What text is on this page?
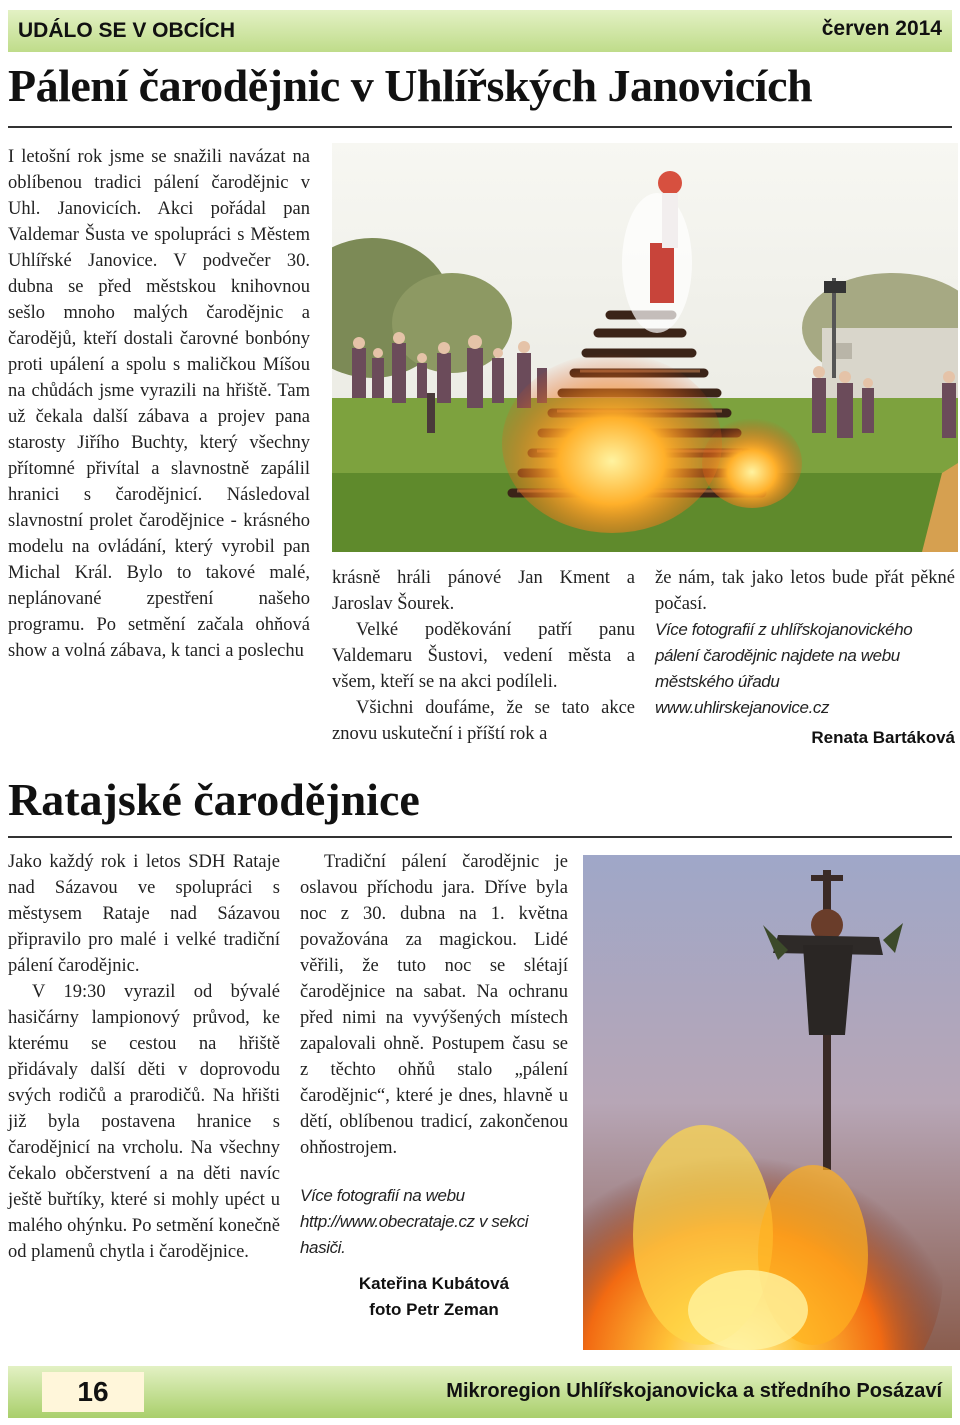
UDÁLO SE V OBCÍCH	červen 2014
Pálení čarodějnic v Uhlířských Janovicích

I letošní rok jsme se snažili navázat na oblíbenou tradici pálení čarodějnic v Uhl. Janovicích. Akci pořádal pan Valdemar Šusta ve spolupráci s Městem Uhlířské Janovice. V podvečer 30. dubna se před městskou knihovnou sešlo mnoho malých čarodějnic a čarodějů, kteří dostali čarovné bonbóny proti upálení a spolu s maličkou Míšou na chůdách jsme vyrazili na hřiště. Tam už čekala další zábava a projev pana starosty Jiřího Buchty, který všechny přítomné přivítal a slavnostně zapálil hranici s čarodějnicí. Následoval slavnostní prolet čarodějnice - krásného modelu na ovládání, který vyrobil pan Michal Král. Bylo to takové malé, neplánované zpestření našeho programu. Po setmění začala ohňová show a volná zábava, k tanci a poslechu

krásně hráli pánové Jan Kment a Jaroslav Šourek.

Velké poděkování patří panu Valdemaru Šustovi, vedení města a všem, kteří se na akci podíleli.

Všichni doufáme, že se tato akce znovu uskuteční i příští rok a

že nám, tak jako letos bude přát pěkné počasí.

Více fotografií z uhlířskojanovického pálení čarodějnic najdete na webu městského úřadu www.uhlirskejanovice.cz

Renata Bartáková

Ratajské čarodějnice

Jako každý rok i letos SDH Rataje nad Sázavou ve spolupráci s městysem Rataje nad Sázavou připravilo pro malé i velké tradiční pálení čarodějnic.

V 19:30 vyrazil od bývalé hasičárny lampionový průvod, ke kterému se cestou na hřiště přidávaly další děti v doprovodu svých rodičů a prarodičů. Na hřišti již byla postavena hranice s čarodějnicí na vrcholu. Na všechny čekalo občerstvení a na děti navíc ještě buřtíky, které si mohly upéct u malého ohýnku. Po setmění konečně od plamenů chytla i čarodějnice.

Tradiční pálení čarodějnic je oslavou příchodu jara. Dříve byla noc z 30. dubna na 1. května považována za magickou. Lidé věřili, že tuto noc se slétají čarodějnice na sabat. Na ochranu před nimi na vyvýšených místech zapalovali ohně. Postupem času se z těchto ohňů stalo „pálení čarodějnic“, které je dnes, hlavně u dětí, oblíbenou tradicí, zakončenou ohňostrojem.

Více fotografií na webu http://www.obecrataje.cz v sekci hasiči.

Kateřina Kubátová
foto Petr Zeman

16	Mikroregion Uhlířskojanovicka a středního Posázaví
